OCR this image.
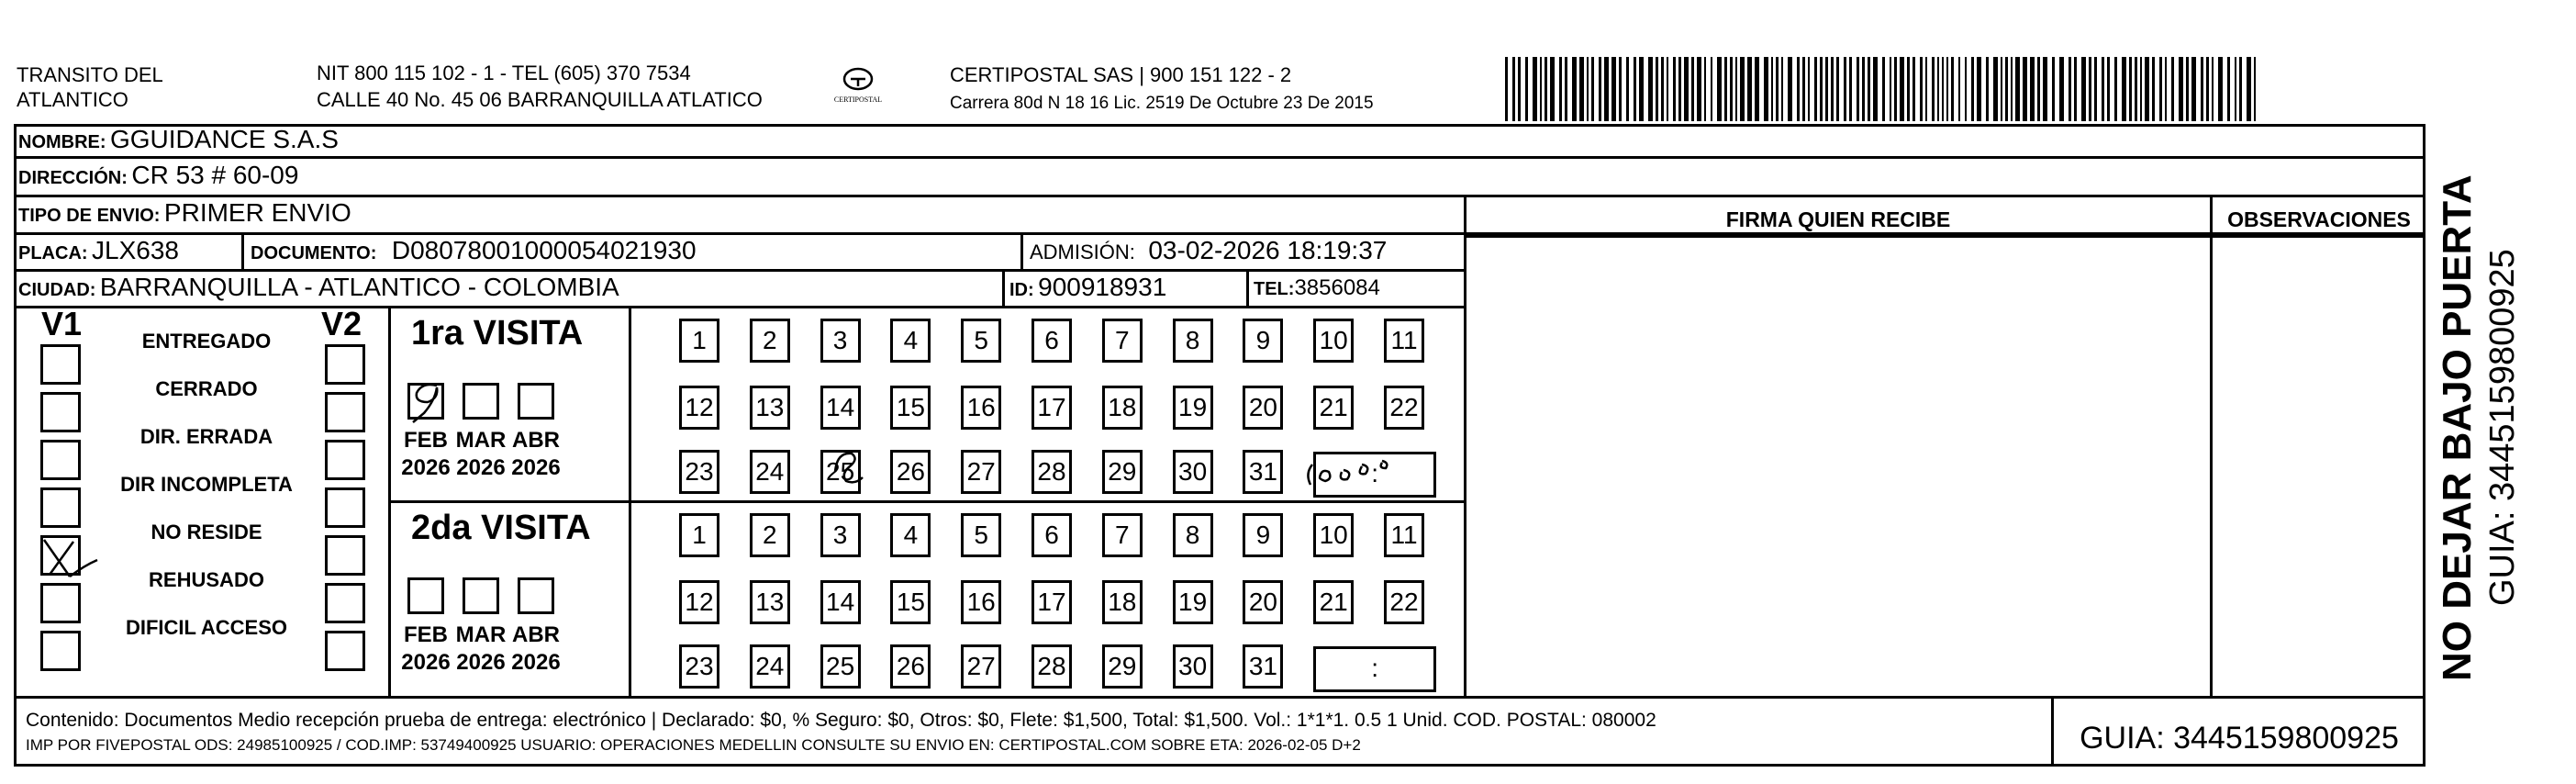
TRANSITO DEL
ATLANTICO
NIT 800 115 102 - 1 - TEL (605) 370 7534
CALLE 40 No. 45 06 BARRANQUILLA ATLATICO	CERTIPOSTAL
CERTIPOSTAL SAS | 900 151 122 - 2
Carrera 80d N 18 16 Lic. 2519 De Octubre 23 De 2015
NOMBRE: GGUIDANCE S.A.S
DIRECCIÓN: CR 53 # 60-09
TIPO DE ENVIO: PRIMER ENVIO
PLACA: JLX638	DOCUMENTO: D08078001000054021930	ADMISIÓN: 03-02-2026 18:19:37
CIUDAD: BARRANQUILLA - ATLANTICO - COLOMBIA	ID: 900918931	TEL:3856084
FIRMA QUIEN RECIBE	OBSERVACIONES
V1	V2
ENTREGADO
CERRADO
DIR. ERRADA
DIR INCOMPLETA
NO RESIDE
REHUSADO
DIFICIL ACCESO
1ra VISITA
2da VISITA
FEB
2026
MAR
2026
ABR
2026
1	2	3	4	5	6	7	8	9	10 11
12 13 14 15 16 17 18 19 20 21 22
23 24 25 26 27 28 29 30 31	:
FEB
2026
MAR
2026
ABR
2026
1	2	3	4	5	6	7	8	9	10 11
12 13 14 15 16 17 18 19 20 21 22
23 24 25 26 27 28 29 30 31	:
Contenido: Documentos Medio recepción prueba de entrega: electrónico | Declarado: $0, % Seguro: $0, Otros: $0, Flete: $1,500, Total: $1,500. Vol.: 1*1*1. 0.5 1 Unid. COD. POSTAL: 080002
IMP POR FIVEPOSTAL ODS: 24985100925 / COD.IMP: 53749400925 USUARIO: OPERACIONES MEDELLIN CONSULTE SU ENVIO EN: CERTIPOSTAL.COM SOBRE ETA: 2026-02-05 D+2	GUIA: 3445159800925
NO DEJAR BAJO PUERTA GUIA: 3445159800925
